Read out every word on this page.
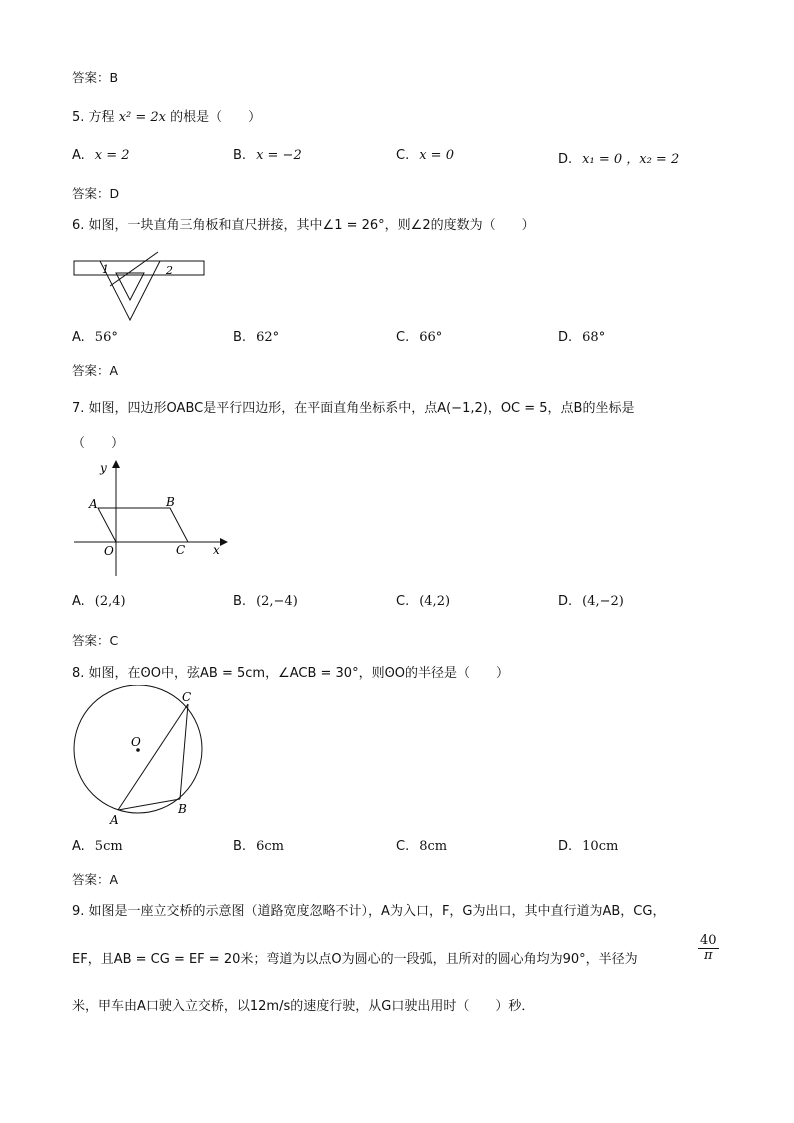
答案：B
5. 方程 x² = 2x 的根是（　　）
A. x = 2	B. x = −2	C. x = 0	D. x₁ = 0 ，x₂ = 2
答案：D
6. 如图，一块直角三角板和直尺拼接，其中∠1 = 26°，则∠2的度数为（　　）
1	2
A. 56°	B. 62°	C. 66°	D. 68°
答案：A
7. 如图，四边形OABC是平行四边形，在平面直角坐标系中，点A(−1,2)，OC = 5，点B的坐标是
（　　）
y
x
A	B
O	C
A. (2,4)	B. (2,−4)	C. (4,2)	D. (4,−2)
答案：C
8. 如图，在ʘO中，弦AB = 5cm，∠ACB = 30°，则ʘO的半径是（　　）
O
A
B
C
A. 5cm	B. 6cm	C. 8cm	D. 10cm
答案：A
9. 如图是一座立交桥的示意图（道路宽度忽略不计），A为入口，F，G为出口，其中直行道为AB，CG，
EF，且AB = CG = EF = 20米；弯道为以点O为圆心的一段弧，且所对的圆心角均为90°，半径为	$\frac{40}{\pi}$
米，甲车由A口驶入立交桥，以12m/s的速度行驶，从G口驶出用时（　　）秒．
